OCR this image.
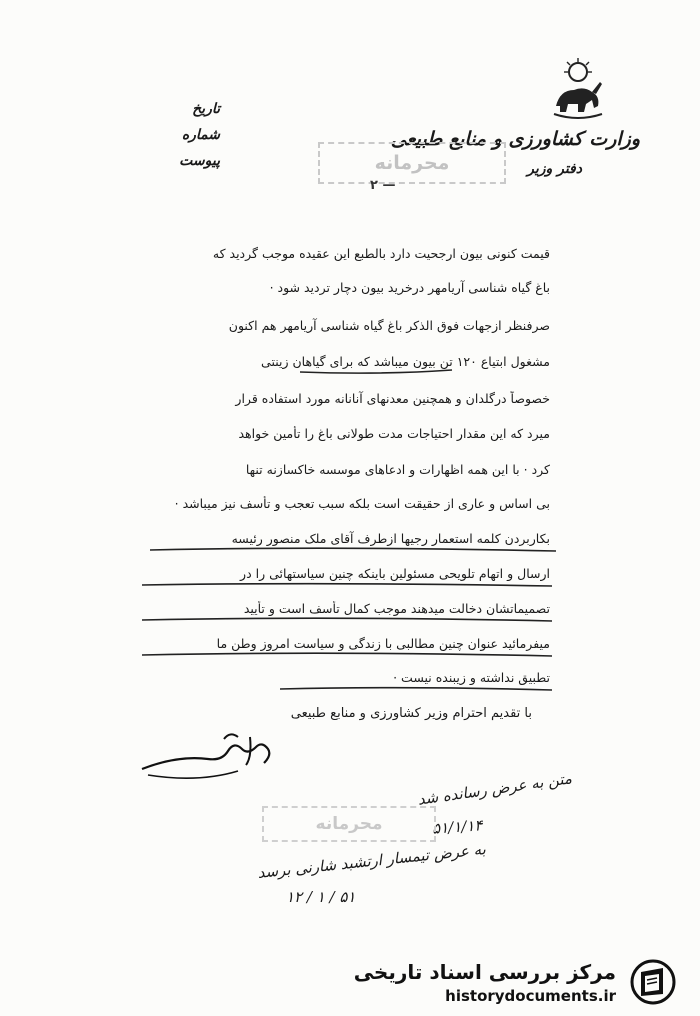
وزارت کشاورزی و منابع طبیعی
دفتر وزیر
تاریخ
شماره
پیوست	محرمانه
۲ —
قیمت کنونی بیون ارجحیت دارد بالطبع این عقیده موجب گردید که
باغ گیاه شناسی آریامهر درخرید بیون دچار تردید شود ·
صرفنظر ازجهات فوق الذکر باغ گیاه شناسی آریامهر هم اکنون
مشغول ابتیاع ۱۲۰ تن بیون میباشد که برای گیاهان زینتی
خصوصاً درگلدان و همچنین معدنهای آنانانه مورد استفاده قرار
میرد که این مقدار احتیاجات مدت طولانی باغ را تأمین خواهد
کرد · با این همه اظهارات و ادعاهای موسسه خاکسازنه تنها
بی اساس و عاری از حقیقت است بلکه سبب تعجب و تأسف نیز میباشد ·
بکاربردن کلمه استعمار رجیها ازطرف آقای ملک منصور رئیسه
ارسال و اتهام تلویحی مسئولین باینکه چنین سیاستهائی را در
تصمیماتشان دخالت میدهند موجب کمال تأسف است و تأیید
میفرمائید عنوان چنین مطالبی با زندگی و سیاست امروز وطن ما
تطبیق نداشته و زیبنده نیست ·
با تقدیم احترام وزیر کشاورزی و منابع طبیعی
متن به عرض رسانده شد
۵۱/۱/۱۴
محرمانه
به عرض تیمسار ارتشبد شارنی برسد
۱۲ / ۱ / ۵۱
مرکز بررسی اسناد تاریخی
historydocuments.ir
